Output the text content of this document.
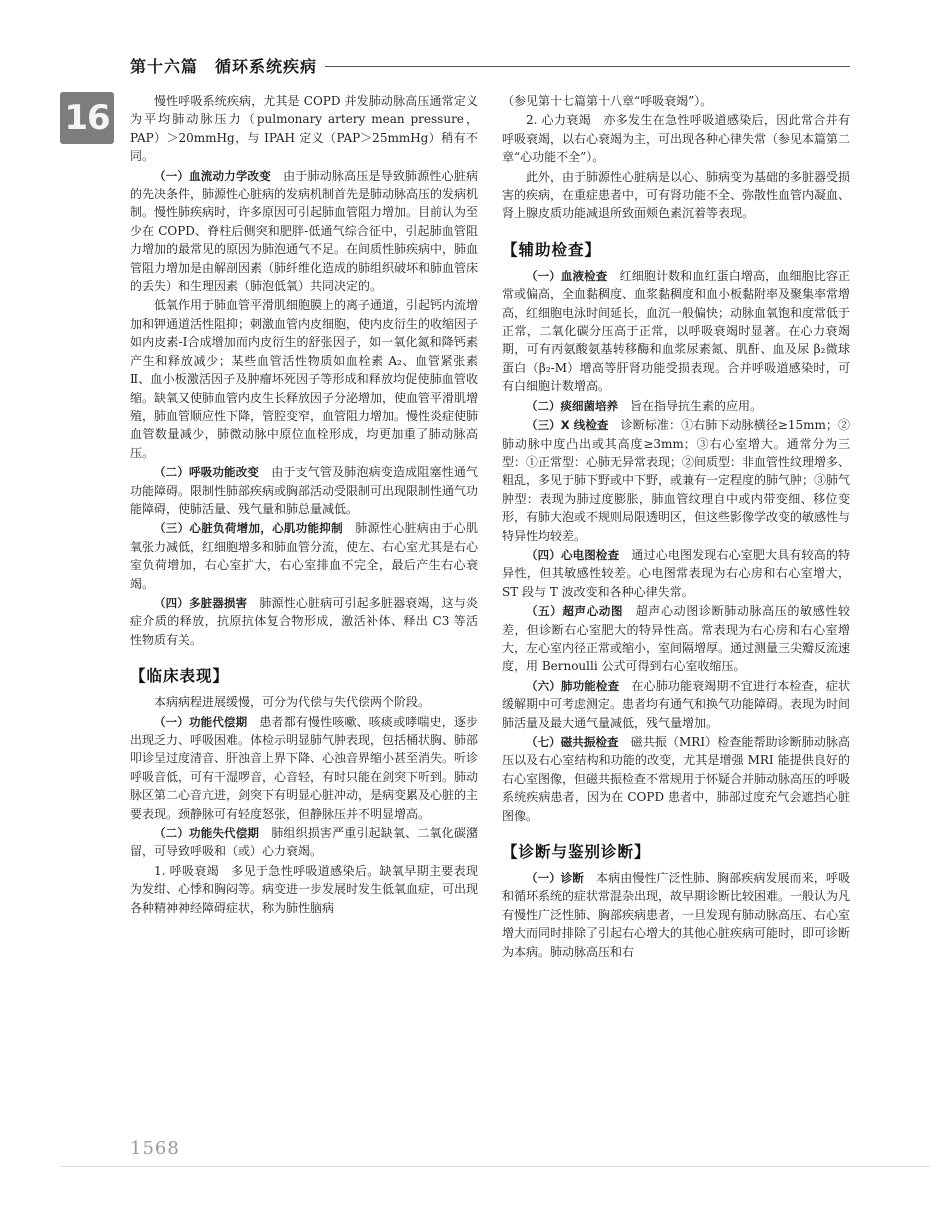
第十六篇　循环系统疾病
16	慢性呼吸系统疾病，尤其是 COPD 并发肺动脉高压通常定义为平均肺动脉压力（pulmonary artery mean pressure，PAP）＞20mmHg，与 IPAH 定义（PAP＞25mmHg）稍有不同。

（一）血流动力学改变　由于肺动脉高压是导致肺源性心脏病的先决条件，肺源性心脏病的发病机制首先是肺动脉高压的发病机制。慢性肺疾病时，许多原因可引起肺血管阻力增加。目前认为至少在 COPD、脊柱后侧突和肥胖-低通气综合征中，引起肺血管阻力增加的最常见的原因为肺泡通气不足。在间质性肺疾病中，肺血管阻力增加是由解剖因素（肺纤维化造成的肺组织破坏和肺血管床的丢失）和生理因素（肺泡低氧）共同决定的。

低氧作用于肺血管平滑肌细胞膜上的离子通道，引起钙内流增加和钾通道活性阻抑；刺激血管内皮细胞，使内皮衍生的收缩因子如内皮素-Ⅰ合成增加而内皮衍生的舒张因子，如一氧化氮和降钙素产生和释放减少；某些血管活性物质如血栓素 A₂、血管紧张素Ⅱ、血小板激活因子及肿瘤坏死因子等形成和释放均促使肺血管收缩。缺氧又使肺血管内皮生长释放因子分泌增加，使血管平滑肌增殖，肺血管顺应性下降，管腔变窄，血管阻力增加。慢性炎症使肺血管数量减少，肺微动脉中原位血栓形成，均更加重了肺动脉高压。

（二）呼吸功能改变　由于支气管及肺泡病变造成阻塞性通气功能障碍。限制性肺部疾病或胸部活动受限制可出现限制性通气功能障碍，使肺活量、残气量和肺总量减低。

（三）心脏负荷增加，心肌功能抑制　肺源性心脏病由于心肌氧张力减低，红细胞增多和肺血管分流，使左、右心室尤其是右心室负荷增加，右心室扩大，右心室排血不完全，最后产生右心衰竭。

（四）多脏器损害　肺源性心脏病可引起多脏器衰竭，这与炎症介质的释放，抗原抗体复合物形成，激活补体、释出 C3 等活性物质有关。

【临床表现】

本病病程进展缓慢，可分为代偿与失代偿两个阶段。

（一）功能代偿期　患者都有慢性咳嗽、咳痰或哮喘史，逐步出现乏力、呼吸困难。体检示明显肺气肿表现，包括桶状胸、肺部叩诊呈过度清音、肝浊音上界下降、心浊音界缩小甚至消失。听诊呼吸音低，可有干湿啰音，心音轻，有时只能在剑突下听到。肺动脉区第二心音亢进，剑突下有明显心脏冲动，是病变累及心脏的主要表现。颈静脉可有轻度怒张，但静脉压并不明显增高。

（二）功能失代偿期　肺组织损害严重引起缺氧、二氧化碳潴留，可导致呼吸和（或）心力衰竭。

1. 呼吸衰竭　多见于急性呼吸道感染后。缺氧早期主要表现为发绀、心悸和胸闷等。病变进一步发展时发生低氧血症，可出现各种精神神经障碍症状，称为肺性脑病

（参见第十七篇第十八章“呼吸衰竭”）。

2. 心力衰竭　亦多发生在急性呼吸道感染后，因此常合并有呼吸衰竭，以右心衰竭为主，可出现各种心律失常（参见本篇第二章“心功能不全”）。

此外，由于肺源性心脏病是以心、肺病变为基础的多脏器受损害的疾病，在重症患者中，可有肾功能不全、弥散性血管内凝血、肾上腺皮质功能减退所致面颊色素沉着等表现。

【辅助检查】

（一）血液检查　红细胞计数和血红蛋白增高，血细胞比容正常或偏高，全血黏稠度、血浆黏稠度和血小板黏附率及聚集率常增高，红细胞电泳时间延长，血沉一般偏快；动脉血氧饱和度常低于正常，二氧化碳分压高于正常，以呼吸衰竭时显著。在心力衰竭期，可有丙氨酸氨基转移酶和血浆尿素氮、肌酐、血及尿 β₂微球蛋白（β₂-M）增高等肝肾功能受损表现。合并呼吸道感染时，可有白细胞计数增高。

（二）痰细菌培养　旨在指导抗生素的应用。

（三）X 线检查　诊断标准：①右肺下动脉横径≥15mm；②肺动脉中度凸出或其高度≥3mm；③右心室增大。通常分为三型：①正常型：心肺无异常表现；②间质型：非血管性纹理增多、粗乱，多见于肺下野或中下野，或兼有一定程度的肺气肿；③肺气肿型：表现为肺过度膨胀，肺血管纹理自中或内带变细、移位变形，有肺大泡或不规则局限透明区，但这些影像学改变的敏感性与特异性均较差。

（四）心电图检查　通过心电图发现右心室肥大具有较高的特异性，但其敏感性较差。心电图常表现为右心房和右心室增大，ST 段与 T 波改变和各种心律失常。

（五）超声心动图　超声心动图诊断肺动脉高压的敏感性较差，但诊断右心室肥大的特异性高。常表现为右心房和右心室增大，左心室内径正常或缩小，室间隔增厚。通过测量三尖瓣反流速度，用 Bernoulli 公式可得到右心室收缩压。

（六）肺功能检查　在心肺功能衰竭期不宜进行本检查，症状缓解期中可考虑测定。患者均有通气和换气功能障碍。表现为时间肺活量及最大通气量减低，残气量增加。

（七）磁共振检查　磁共振（MRI）检查能帮助诊断肺动脉高压以及右心室结构和功能的改变，尤其是增强 MRI 能提供良好的右心室图像，但磁共振检查不常规用于怀疑合并肺动脉高压的呼吸系统疾病患者，因为在 COPD 患者中，肺部过度充气会遮挡心脏图像。

【诊断与鉴别诊断】

（一）诊断　本病由慢性广泛性肺、胸部疾病发展而来，呼吸和循环系统的症状常混杂出现，故早期诊断比较困难。一般认为凡有慢性广泛性肺、胸部疾病患者，一旦发现有肺动脉高压、右心室增大而同时排除了引起右心增大的其他心脏疾病可能时，即可诊断为本病。肺动脉高压和右

1568
